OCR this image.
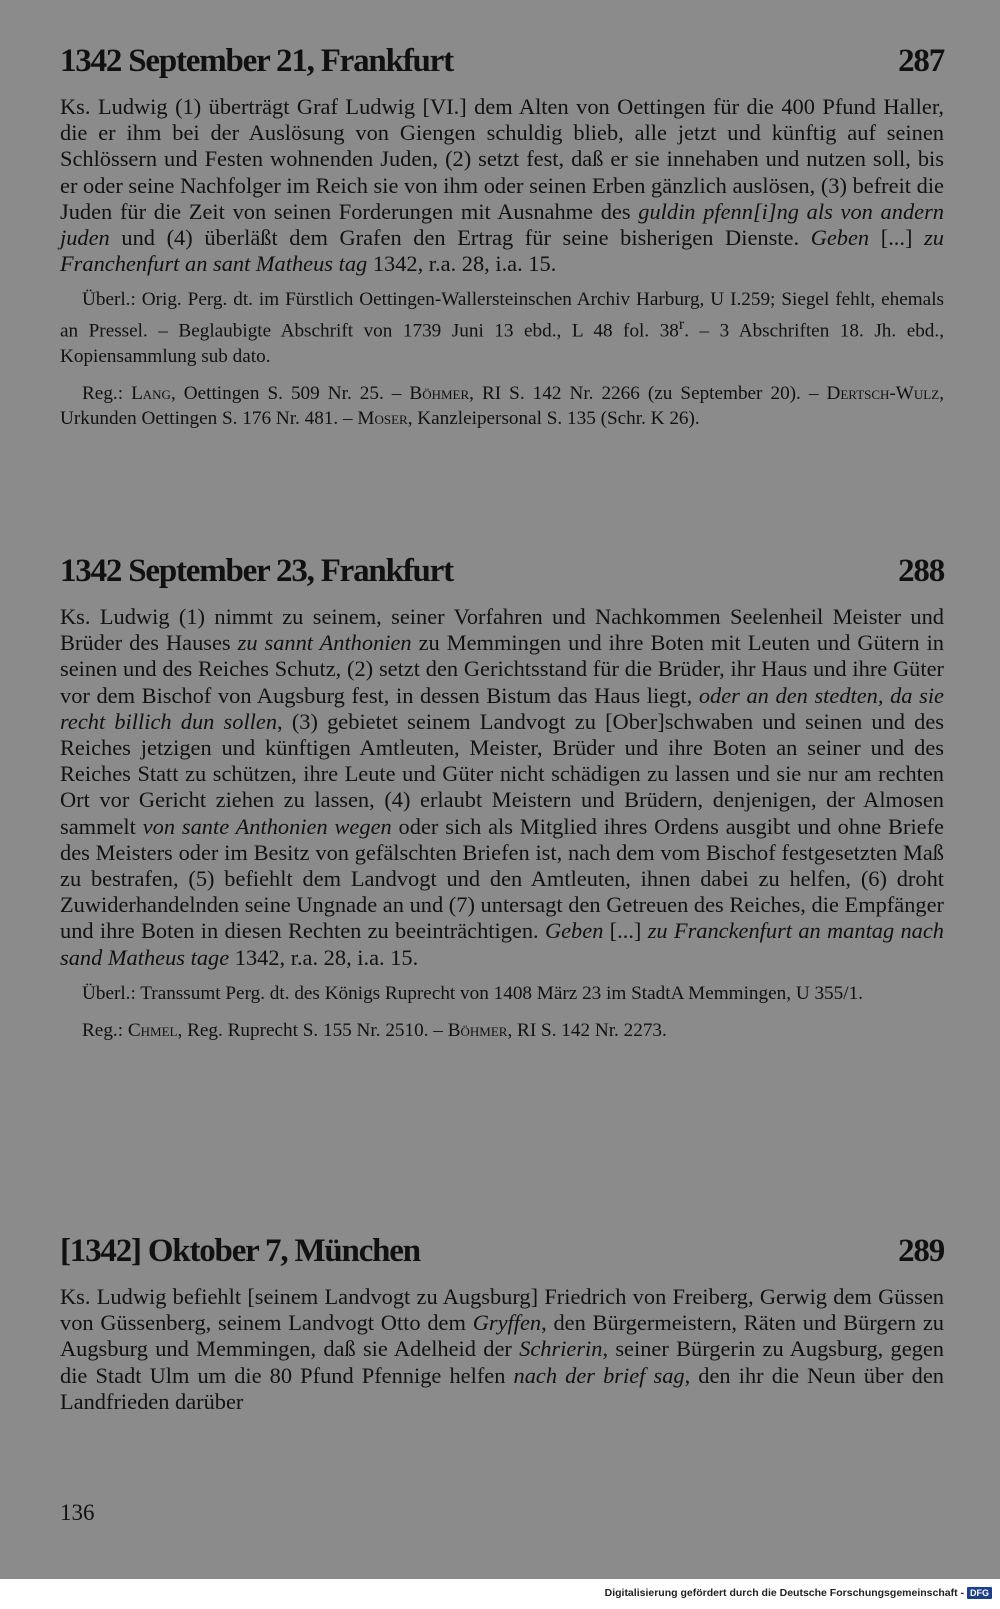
1342 September 21, Frankfurt	287
Ks. Ludwig (1) überträgt Graf Ludwig [VI.] dem Alten von Oettingen für die 400 Pfund Haller, die er ihm bei der Auslösung von Giengen schuldig blieb, alle jetzt und künftig auf seinen Schlössern und Festen wohnenden Juden, (2) setzt fest, daß er sie innehaben und nutzen soll, bis er oder seine Nachfolger im Reich sie von ihm oder seinen Erben gänzlich auslösen, (3) befreit die Juden für die Zeit von seinen Forderungen mit Ausnahme des guldin pfenn[i]ng als von andern juden und (4) überläßt dem Grafen den Ertrag für seine bisherigen Dienste. Geben [...] zu Franchenfurt an sant Matheus tag 1342, r.a. 28, i.a. 15.
Überl.: Orig. Perg. dt. im Fürstlich Oettingen-Wallersteinschen Archiv Harburg, U I.259; Siegel fehlt, ehemals an Pressel. – Beglaubigte Abschrift von 1739 Juni 13 ebd., L 48 fol. 38$^r$. – 3 Abschriften 18. Jh. ebd., Kopiensammlung sub dato.
Reg.: Lang, Oettingen S. 509 Nr. 25. – Böhmer, RI S. 142 Nr. 2266 (zu September 20). – Dertsch-Wulz, Urkunden Oettingen S. 176 Nr. 481. – Moser, Kanzleipersonal S. 135 (Schr. K 26).
1342 September 23, Frankfurt	288
Ks. Ludwig (1) nimmt zu seinem, seiner Vorfahren und Nachkommen Seelenheil Meister und Brüder des Hauses zu sannt Anthonien zu Memmingen und ihre Boten mit Leuten und Gütern in seinen und des Reiches Schutz, (2) setzt den Gerichtsstand für die Brüder, ihr Haus und ihre Güter vor dem Bischof von Augsburg fest, in dessen Bistum das Haus liegt, oder an den stedten, da sie recht billich dun sollen, (3) gebietet seinem Landvogt zu [Ober]schwaben und seinen und des Reiches jetzigen und künftigen Amtleuten, Meister, Brüder und ihre Boten an seiner und des Reiches Statt zu schützen, ihre Leute und Güter nicht schädigen zu lassen und sie nur am rechten Ort vor Gericht ziehen zu lassen, (4) erlaubt Meistern und Brüdern, denjenigen, der Almosen sammelt von sante Anthonien wegen oder sich als Mitglied ihres Ordens ausgibt und ohne Briefe des Meisters oder im Besitz von gefälschten Briefen ist, nach dem vom Bischof festgesetzten Maß zu bestrafen, (5) befiehlt dem Landvogt und den Amtleuten, ihnen dabei zu helfen, (6) droht Zuwiderhandelnden seine Ungnade an und (7) untersagt den Getreuen des Reiches, die Empfänger und ihre Boten in diesen Rechten zu beeinträchtigen. Geben [...] zu Franckenfurt an mantag nach sand Matheus tage 1342, r.a. 28, i.a. 15.
Überl.: Transsumt Perg. dt. des Königs Ruprecht von 1408 März 23 im StadtA Memmingen, U 355/1.
Reg.: Chmel, Reg. Ruprecht S. 155 Nr. 2510. – Böhmer, RI S. 142 Nr. 2273.
[1342] Oktober 7, München	289
Ks. Ludwig befiehlt [seinem Landvogt zu Augsburg] Friedrich von Freiberg, Gerwig dem Güssen von Güssenberg, seinem Landvogt Otto dem Gryffen, den Bürgermeistern, Räten und Bürgern zu Augsburg und Memmingen, daß sie Adelheid der Schrierin, seiner Bürgerin zu Augsburg, gegen die Stadt Ulm um die 80 Pfund Pfennige helfen nach der brief sag, den ihr die Neun über den Landfrieden darüber
136
Digitalisierung gefördert durch die Deutsche Forschungsgemeinschaft - DFG
